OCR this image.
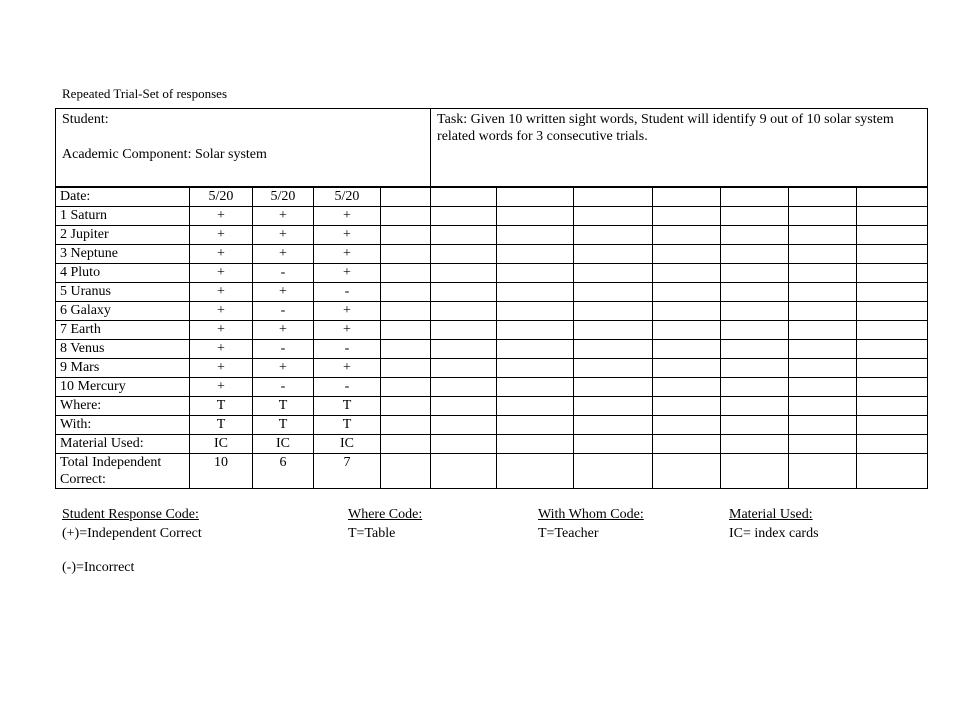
Repeated Trial-Set of responses
Student:
Academic Component: Solar system					Task: Given 10 written sight words, Student will identify 9 out of 10 solar system related words for 3 consecutive trials.						
Date:	5/20	5/20	5/20								
1 Saturn	+	+	+								
2 Jupiter	+	+	+								
3 Neptune	+	+	+								
4 Pluto	+	-	+								
5 Uranus	+	+	-								
6 Galaxy	+	-	+								
7 Earth	+	+	+								
8 Venus	+	-	-								
9 Mars	+	+	+								
10 Mercury	+	-	-								
Where:	T	T	T								
With:	T	T	T								
Material Used:	IC	IC	IC								
Total Independent Correct:	10	6	7								
Student Response Code:
(+)=Independent Correct
Where Code:
T=Table
With Whom Code:
T=Teacher
Material Used:
IC= index cards
(-)=Incorrect
